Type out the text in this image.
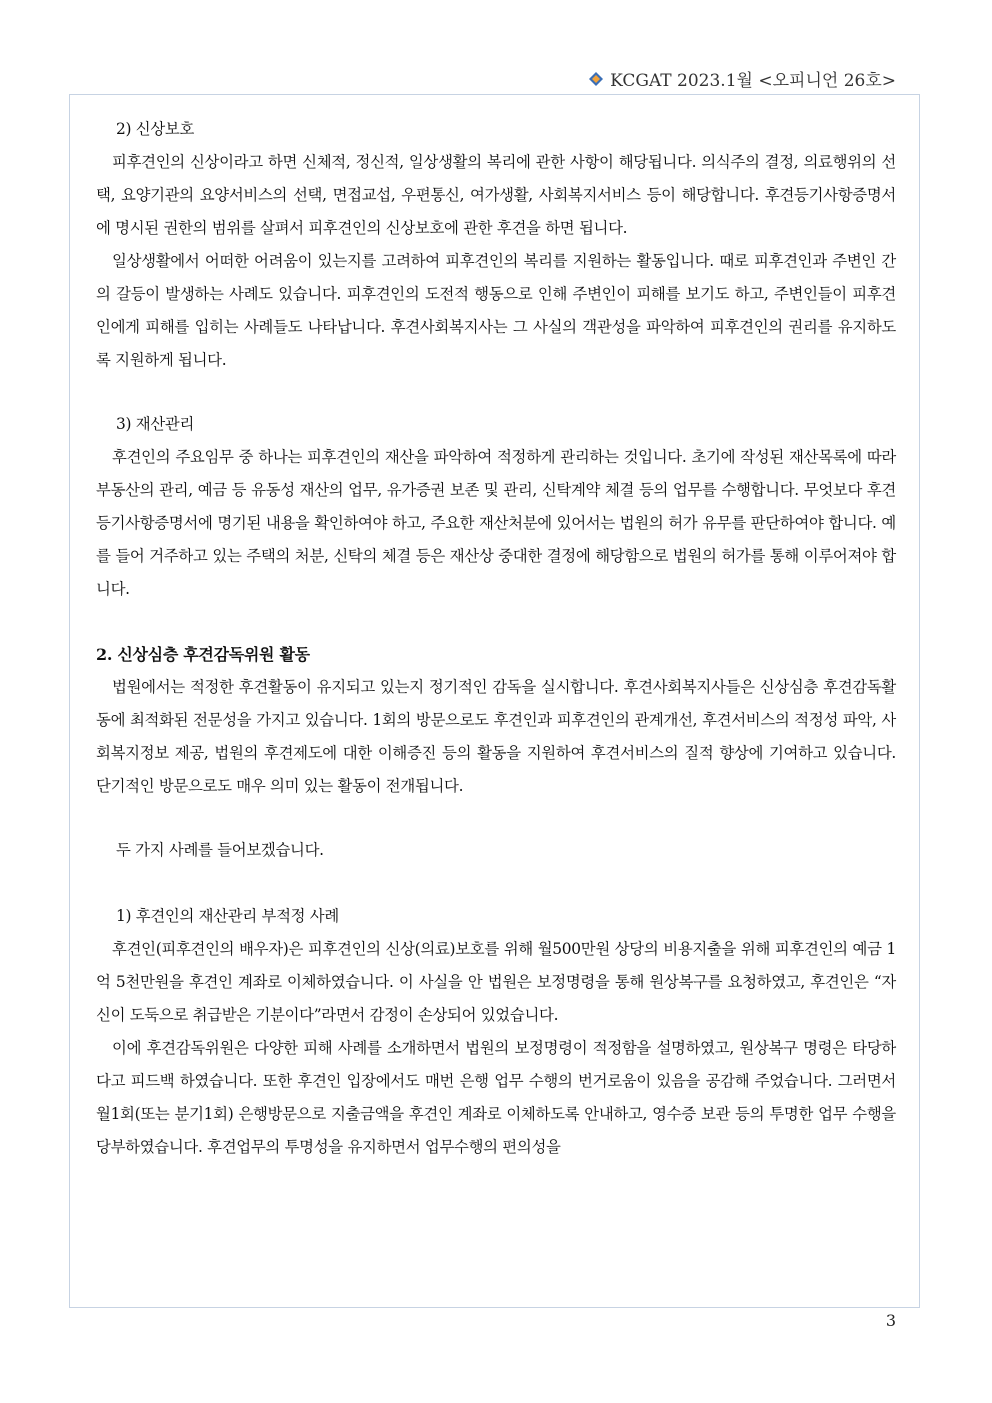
KCGAT 2023.1월 <오피니언 26호>

2) 신상보호

피후견인의 신상이라고 하면 신체적, 정신적, 일상생활의 복리에 관한 사항이 해당됩니다. 의식주의 결정, 의료행위의 선택, 요양기관의 요양서비스의 선택, 면접교섭, 우편통신, 여가생활, 사회복지서비스 등이 해당합니다. 후견등기사항증명서에 명시된 권한의 범위를 살펴서 피후견인의 신상보호에 관한 후견을 하면 됩니다.

일상생활에서 어떠한 어려움이 있는지를 고려하여 피후견인의 복리를 지원하는 활동입니다. 때로 피후견인과 주변인 간의 갈등이 발생하는 사례도 있습니다. 피후견인의 도전적 행동으로 인해 주변인이 피해를 보기도 하고, 주변인들이 피후견인에게 피해를 입히는 사례들도 나타납니다. 후견사회복지사는 그 사실의 객관성을 파악하여 피후견인의 권리를 유지하도록 지원하게 됩니다.

3) 재산관리

후견인의 주요임무 중 하나는 피후견인의 재산을 파악하여 적정하게 관리하는 것입니다. 초기에 작성된 재산목록에 따라 부동산의 관리, 예금 등 유동성 재산의 업무, 유가증권 보존 및 관리, 신탁계약 체결 등의 업무를 수행합니다. 무엇보다 후견등기사항증명서에 명기된 내용을 확인하여야 하고, 주요한 재산처분에 있어서는 법원의 허가 유무를 판단하여야 합니다. 예를 들어 거주하고 있는 주택의 처분, 신탁의 체결 등은 재산상 중대한 결정에 해당함으로 법원의 허가를 통해 이루어져야 합니다.

2. 신상심층 후견감독위원 활동

법원에서는 적정한 후견활동이 유지되고 있는지 정기적인 감독을 실시합니다. 후견사회복지사들은 신상심층 후견감독활동에 최적화된 전문성을 가지고 있습니다. 1회의 방문으로도 후견인과 피후견인의 관계개선, 후견서비스의 적정성 파악, 사회복지정보 제공, 법원의 후견제도에 대한 이해증진 등의 활동을 지원하여 후견서비스의 질적 향상에 기여하고 있습니다. 단기적인 방문으로도 매우 의미 있는 활동이 전개됩니다.

두 가지 사례를 들어보겠습니다.

1) 후견인의 재산관리 부적정 사례

후견인(피후견인의 배우자)은 피후견인의 신상(의료)보호를 위해 월500만원 상당의 비용지출을 위해 피후견인의 예금 1억 5천만원을 후견인 계좌로 이체하였습니다. 이 사실을 안 법원은 보정명령을 통해 원상복구를 요청하였고, 후견인은 “자신이 도둑으로 취급받은 기분이다”라면서 감정이 손상되어 있었습니다.

이에 후견감독위원은 다양한 피해 사례를 소개하면서 법원의 보정명령이 적정함을 설명하였고, 원상복구 명령은 타당하다고 피드백 하였습니다. 또한 후견인 입장에서도 매번 은행 업무 수행의 번거로움이 있음을 공감해 주었습니다. 그러면서 월1회(또는 분기1회) 은행방문으로 지출금액을 후견인 계좌로 이체하도록 안내하고, 영수증 보관 등의 투명한 업무 수행을 당부하였습니다. 후견업무의 투명성을 유지하면서 업무수행의 편의성을

3
